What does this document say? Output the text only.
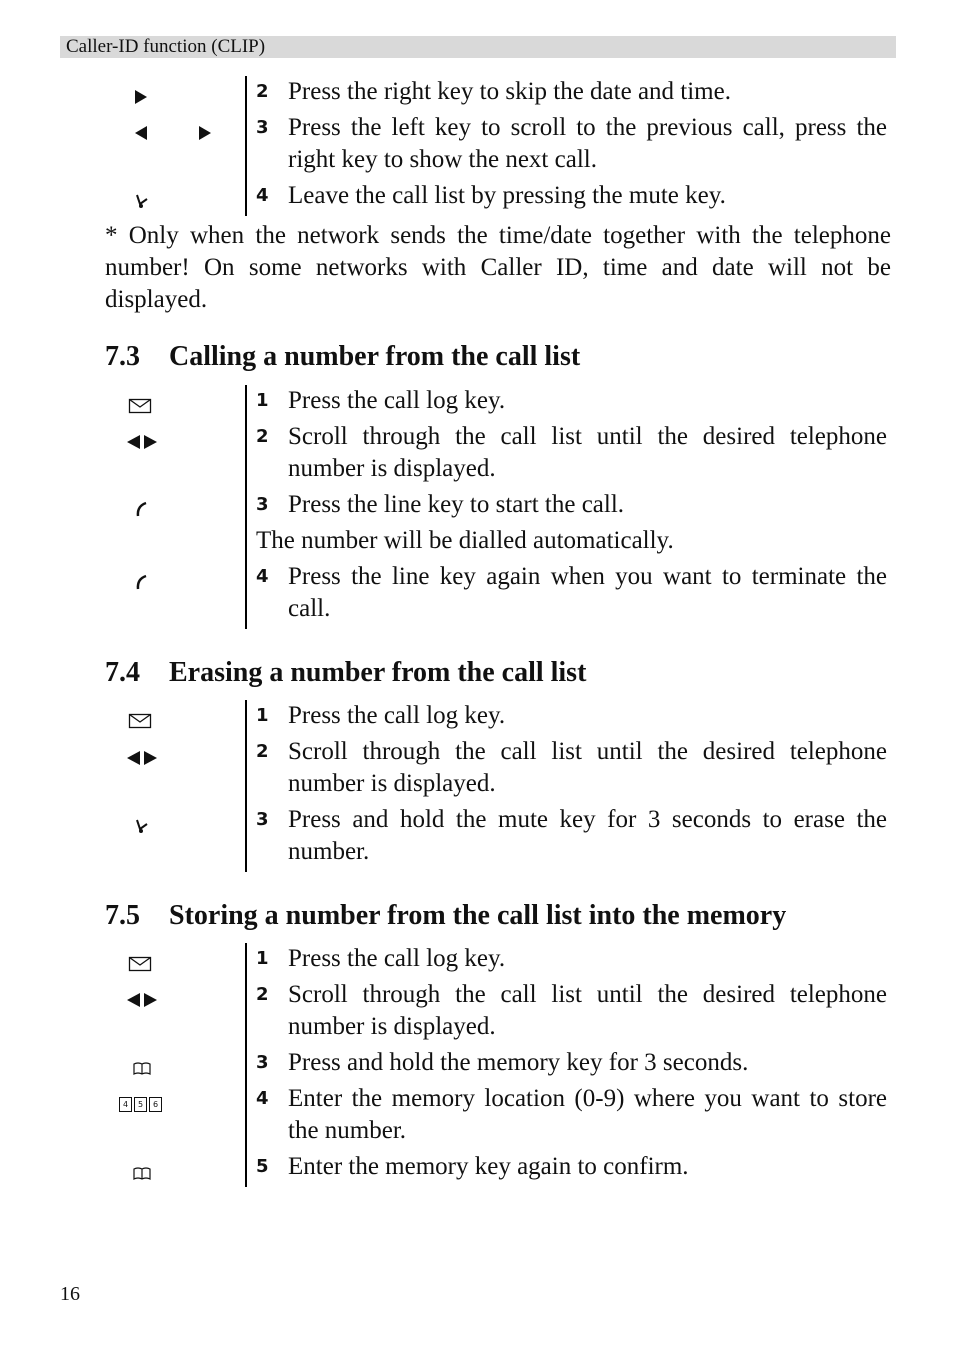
Caller-ID function (CLIP)
2 Press the right key to skip the date and time.
3 Press the left key to scroll to the previous call, press the right key to show the next call.
4 Leave the call list by pressing the mute key.
* Only when the network sends the time/date together with the telephone number! On some networks with Caller ID, time and date will not be displayed.
7.3 Calling a number from the call list
1 Press the call log key.
2 Scroll through the call list until the desired telephone number is displayed.
3 Press the line key to start the call.
The number will be dialled automatically.
4 Press the line key again when you want to terminate the call.
7.4 Erasing a number from the call list
1 Press the call log key.
2 Scroll through the call list until the desired telephone number is displayed.
3 Press and hold the mute key for 3 seconds to erase the number.
7.5 Storing a number from the call list into the memory
4	5	6
1 Press the call log key.
2 Scroll through the call list until the desired telephone number is displayed.
3 Press and hold the memory key for 3 seconds.
4 Enter the memory location (0-9) where you want to store the number.
5 Enter the memory key again to confirm.
16
